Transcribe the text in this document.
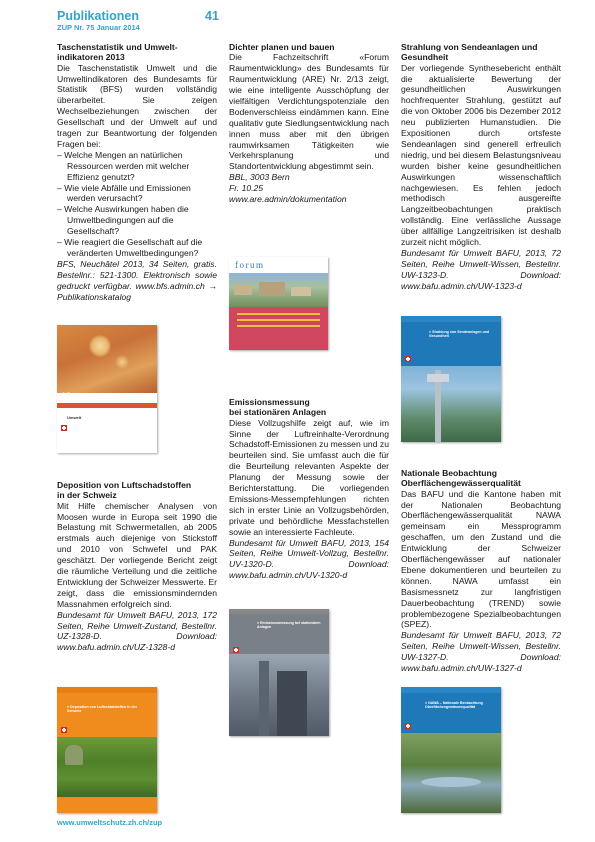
Publikationen	41
ZUP Nr. 75 Januar 2014
Taschenstatistik und Umwelt-
indikatoren 2013

Die Taschenstatistik Umwelt und die Umweltindikatoren des Bundesamts für Statistik (BFS) wurden vollständig überarbeitet. Sie zeigen Wechselbeziehungen zwischen der Gesellschaft und der Umwelt auf und tragen zur Beantwortung der folgenden Fragen bei:

– Welche Mengen an natürlichen Ressourcen werden mit welcher Effizienz genutzt?
– Wie viele Abfälle und Emissionen werden verursacht?
– Welche Auswirkungen haben die Umweltbedingungen auf die Gesellschaft?
– Wie reagiert die Gesellschaft auf die veränderten Umweltbedingungen?

BFS, Neuchâtel 2013, 34 Seiten, gratis. Bestellnr.: 521-1300. Elektronisch sowie gedruckt verfügbar. www.bfs.admin.ch → Publikationskatalog

02
Umwelt
Deposition von Luftschadstoffen
in der Schweiz

Mit Hilfe chemischer Analysen von Moosen wurde in Europa seit 1990 die Belastung mit Schwermetallen, ab 2005 erstmals auch diejenige von Stickstoff und 2010 von Schwefel und PAK geschätzt. Der vorliegende Bericht zeigt die räumliche Verteilung und die zeitliche Entwicklung der Schweizer Messwerte. Er zeigt, dass die emissionsmindernden Massnahmen erfolgreich sind.

Bundesamt für Umwelt BAFU, 2013, 172 Seiten, Reihe Umwelt-Zustand, Bestellnr. UZ-1328-D. Download: www.bafu.admin.ch/UZ-1328-d

> Deposition von Luftschadstoffen in der Schweiz
Dichter planen und bauen

Die Fachzeitschrift «Forum Raumentwicklung» des Bundesamts für Raumentwicklung (ARE) Nr. 2/13 zeigt, wie eine intelligente Ausschöpfung der vielfältigen Verdichtungspotenziale den Bodenverschleiss eindämmen kann. Eine qualitativ gute Siedlungsentwicklung nach innen muss aber mit den übrigen raumwirksamen Tätigkeiten wie Verkehrsplanung und Standortentwicklung abgestimmt sein.

BBL, 3003 Bern
Fr. 10.25
www.are.admin/dokumentation

forum
Emissionsmessung
bei stationären Anlagen

Diese Vollzugshilfe zeigt auf, wie im Sinne der Luftreinhalte-Verordnung Schadstoff-Emissionen zu messen und zu beurteilen sind. Sie umfasst auch die für die Beurteilung relevanten Aspekte der Planung der Messung sowie der Berichterstattung. Die vorliegenden Emissions-Messempfehlungen richten sich in erster Linie an Vollzugsbehörden, private und behördliche Messfachstellen sowie an interessierte Fachleute.

Bundesamt für Umwelt BAFU, 2013, 154 Seiten, Reihe Umwelt-Vollzug, Bestellnr. UV-1320-D. Download: www.bafu.admin.ch/UV-1320-d

> Emissionsmessung bei stationären Anlagen
Strahlung von Sendeanlagen und
Gesundheit

Der vorliegende Synthesebericht enthält die aktualisierte Bewertung der gesundheitlichen Auswirkungen hochfrequenter Strahlung, gestützt auf die von Oktober 2006 bis Dezember 2012 neu publizierten Humanstudien. Die Expositionen durch ortsfeste Sendeanlagen sind generell erfreulich niedrig, und bei diesem Belastungsniveau wurden bisher keine gesundheitlichen Auswirkungen wissenschaftlich nachgewiesen. Es fehlen jedoch methodisch ausgereifte Langzeitbeobachtungen praktisch vollständig. Eine verlässliche Aussage über allfällige Langzeitrisiken ist deshalb zurzeit nicht möglich.

Bundesamt für Umwelt BAFU, 2013, 72 Seiten, Reihe Umwelt-Wissen, Bestellnr. UW-1323-D. Download: www.bafu.admin.ch/UW-1323-d

> Strahlung von Sendeanlagen und Gesundheit
Nationale Beobachtung
Oberflächengewässerqualität

Das BAFU und die Kantone haben mit der Nationalen Beobachtung Oberflächengewässerqualität NAWA gemeinsam ein Messprogramm geschaffen, um den Zustand und die Entwicklung der Schweizer Oberflächengewässer auf nationaler Ebene dokumentieren und beurteilen zu können. NAWA umfasst ein Basismessnetz zur langfristigen Dauerbeobachtung (TREND) sowie problembezogene Spezialbeobachtungen (SPEZ).

Bundesamt für Umwelt BAFU, 2013, 72 Seiten, Reihe Umwelt-Wissen, Bestellnr. UW-1327-D. Download: www.bafu.admin.ch/UW-1327-d

> NAWA – Nationale Beobachtung Oberflächengewässerqualität
www.umweltschutz.zh.ch/zup
